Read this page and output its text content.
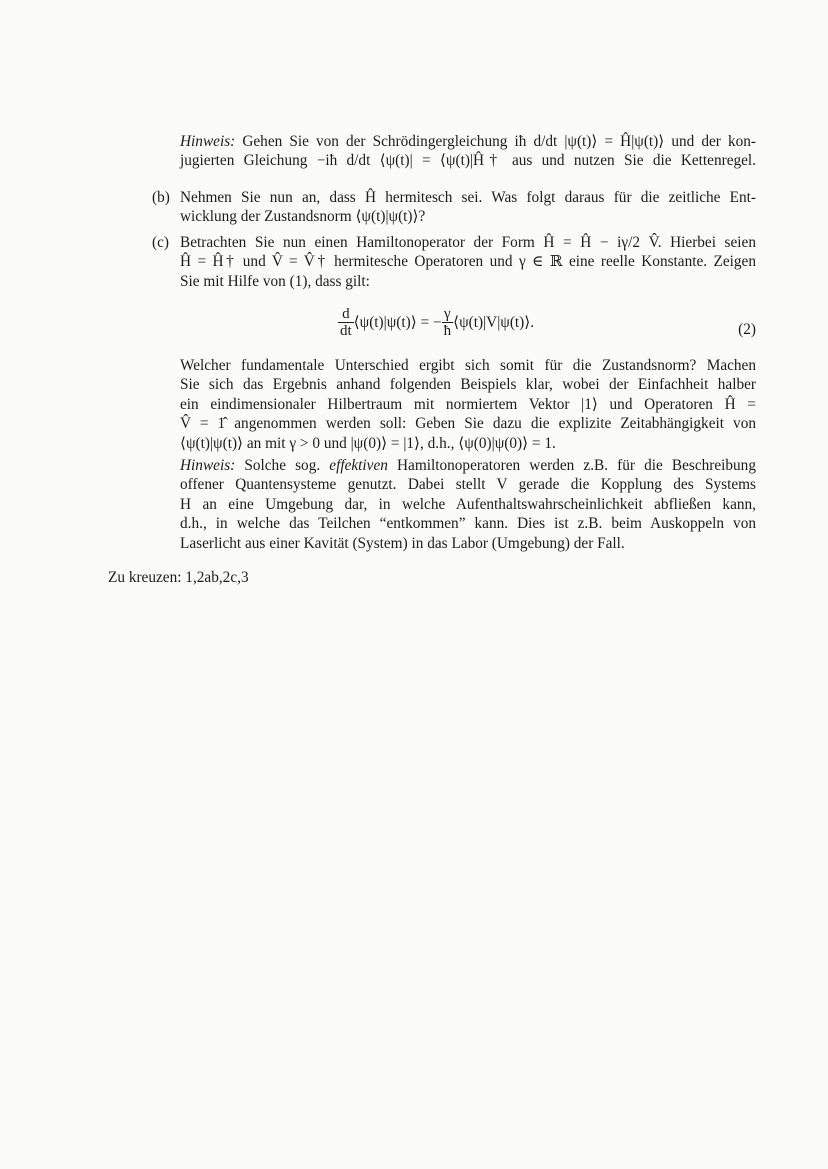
Hinweis: Gehen Sie von der Schrödingergleichung iħ d/dt |ψ(t)⟩ = Ĥ|ψ(t)⟩ und der kon-
jugierten Gleichung −iħ d/dt ⟨ψ(t)| = ⟨ψ(t)|Ĥ† aus und nutzen Sie die Kettenregel.
(b) Nehmen Sie nun an, dass Ĥ hermitesch sei. Was folgt daraus für die zeitliche Ent-
wicklung der Zustandsnorm ⟨ψ(t)|ψ(t)⟩?
(c) Betrachten Sie nun einen Hamiltonoperator der Form Ĥ = Ĥ − iγ/2 V̂. Hierbei seien
Ĥ = Ĥ† und V̂ = V̂† hermitesche Operatoren und γ ∈ ℝ eine reelle Konstante. Zeigen
Sie mit Hilfe von (1), dass gilt:
$\frac{d}{dt}$ ⟨ψ(t)|ψ(t)⟩ = − $\frac{\gamma}{ħ}$ ⟨ψ(t)|V|ψ(t)⟩.	(2)
Welcher fundamentale Unterschied ergibt sich somit für die Zustandsnorm? Machen
Sie sich das Ergebnis anhand folgenden Beispiels klar, wobei der Einfachheit halber
ein eindimensionaler Hilbertraum mit normiertem Vektor |1⟩ und Operatoren Ĥ =
V̂ = 1̂ angenommen werden soll: Geben Sie dazu die explizite Zeitabhängigkeit von
⟨ψ(t)|ψ(t)⟩ an mit γ > 0 und |ψ(0)⟩ = |1⟩, d.h., ⟨ψ(0)|ψ(0)⟩ = 1.
Hinweis: Solche sog. effektiven Hamiltonoperatoren werden z.B. für die Beschreibung
offener Quantensysteme genutzt. Dabei stellt V gerade die Kopplung des Systems
H an eine Umgebung dar, in welche Aufenthaltswahrscheinlichkeit abfließen kann,
d.h., in welche das Teilchen “entkommen” kann. Dies ist z.B. beim Auskoppeln von
Laserlicht aus einer Kavität (System) in das Labor (Umgebung) der Fall.
Zu kreuzen: 1,2ab,2c,3
